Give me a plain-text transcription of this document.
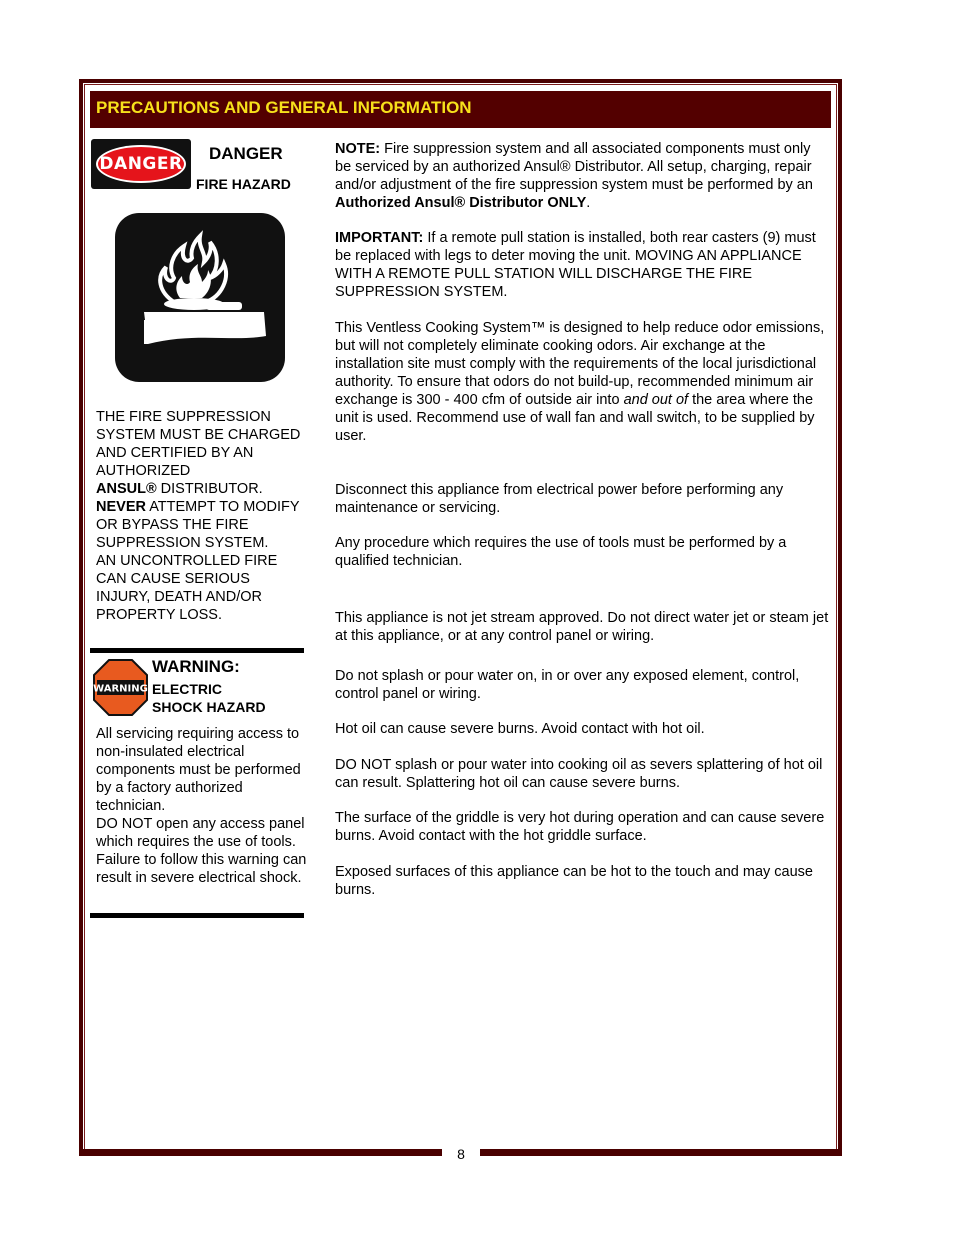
8
PRECAUTIONS AND GENERAL INFORMATION
DANGER
DANGER
FIRE HAZARD
THE FIRE SUPPRESSION SYSTEM MUST BE CHARGED AND CERTIFIED BY AN AUTHORIZED
ANSUL® DISTRIBUTOR.
NEVER ATTEMPT TO MODIFY OR BYPASS THE FIRE SUPPRESSION SYSTEM.
AN UNCONTROLLED FIRE CAN CAUSE SERIOUS INJURY, DEATH AND/OR PROPERTY LOSS.
WARNING
WARNING:
ELECTRIC
SHOCK HAZARD
All servicing requiring access to non-insulated electrical components must be performed by a factory authorized technician.
DO NOT open any access panel which requires the use of tools. Failure to follow this warning can result in severe electrical shock.

NOTE: Fire suppression system and all associated components must only be serviced by an authorized Ansul® Distributor. All setup, charging, repair and/or adjustment of the fire suppression system must be performed by an Authorized Ansul® Distributor ONLY.

IMPORTANT: If a remote pull station is installed, both rear casters (9) must be replaced with legs to deter moving the unit. MOVING AN APPLIANCE WITH A REMOTE PULL STATION WILL DISCHARGE THE FIRE SUPPRESSION SYSTEM.

This Ventless Cooking System™ is designed to help reduce odor emissions, but will not completely eliminate cooking odors. Air exchange at the installation site must comply with the requirements of the local jurisdictional authority. To ensure that odors do not build-up, recommended minimum air exchange is 300 - 400 cfm of outside air into and out of the area where the unit is used. Recommend use of wall fan and wall switch, to be supplied by user.

Disconnect this appliance from electrical power before performing any maintenance or servicing.
Any procedure which requires the use of tools must be performed by a qualified technician.
This appliance is not jet stream approved. Do not direct water jet or steam jet at this appliance, or at any control panel or wiring.
Do not splash or pour water on, in or over any exposed element, control, control panel or wiring.
Hot oil can cause severe burns. Avoid contact with hot oil.
DO NOT splash or pour water into cooking oil as severs splattering of hot oil can result. Splattering hot oil can cause severe burns.
The surface of the griddle is very hot during operation and can cause severe burns. Avoid contact with the hot griddle surface.
Exposed surfaces of this appliance can be hot to the touch and may cause burns.
